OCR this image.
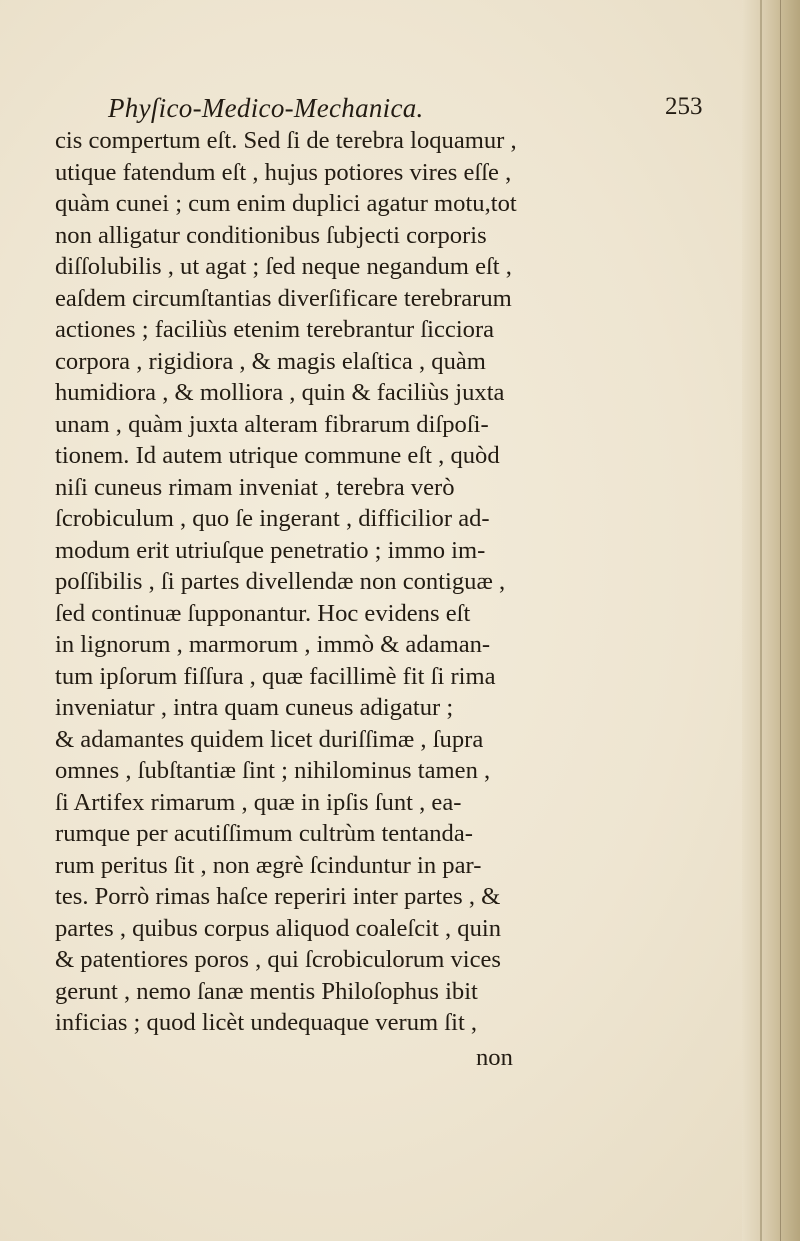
Phyſico-Medico-Mechanica.	253
cis compertum eſt. Sed ſi de terebra loquamur ,
utique fatendum eſt , hujus potiores vires eſſe ,
quàm cunei ; cum enim duplici agatur motu,tot
non alligatur conditionibus ſubjecti corporis
diſſolubilis , ut agat ; ſed neque negandum eſt ,
eaſdem circumſtantias diverſificare terebrarum
actiones ; faciliùs etenim terebrantur ſicciora
corpora , rigidiora , & magis elaſtica , quàm
humidiora , & molliora , quin & faciliùs juxta
unam , quàm juxta alteram fibrarum diſpoſi-
tionem. Id autem utrique commune eſt , quòd
niſi cuneus rimam inveniat , terebra verò
ſcrobiculum , quo ſe ingerant , difficilior ad-
modum erit utriuſque penetratio ; immo im-
poſſibilis , ſi partes divellendæ non contiguæ ,
ſed continuæ ſupponantur. Hoc evidens eſt
in lignorum , marmorum , immò & adaman-
tum ipſorum fiſſura , quæ facillimè fit ſi rima
inveniatur , intra quam cuneus adigatur ;
& adamantes quidem licet duriſſimæ , ſupra
omnes , ſubſtantiæ ſint ; nihilominus tamen ,
ſi Artifex rimarum , quæ in ipſis ſunt , ea-
rumque per acutiſſimum cultrùm tentanda-
rum peritus ſit , non ægrè ſcinduntur in par-
tes. Porrò rimas haſce reperiri inter partes , &
partes , quibus corpus aliquod coaleſcit , quin
& patentiores poros , qui ſcrobiculorum vices
gerunt , nemo ſanæ mentis Philoſophus ibit
inficias ; quod licèt undequaque verum ſit ,
non
